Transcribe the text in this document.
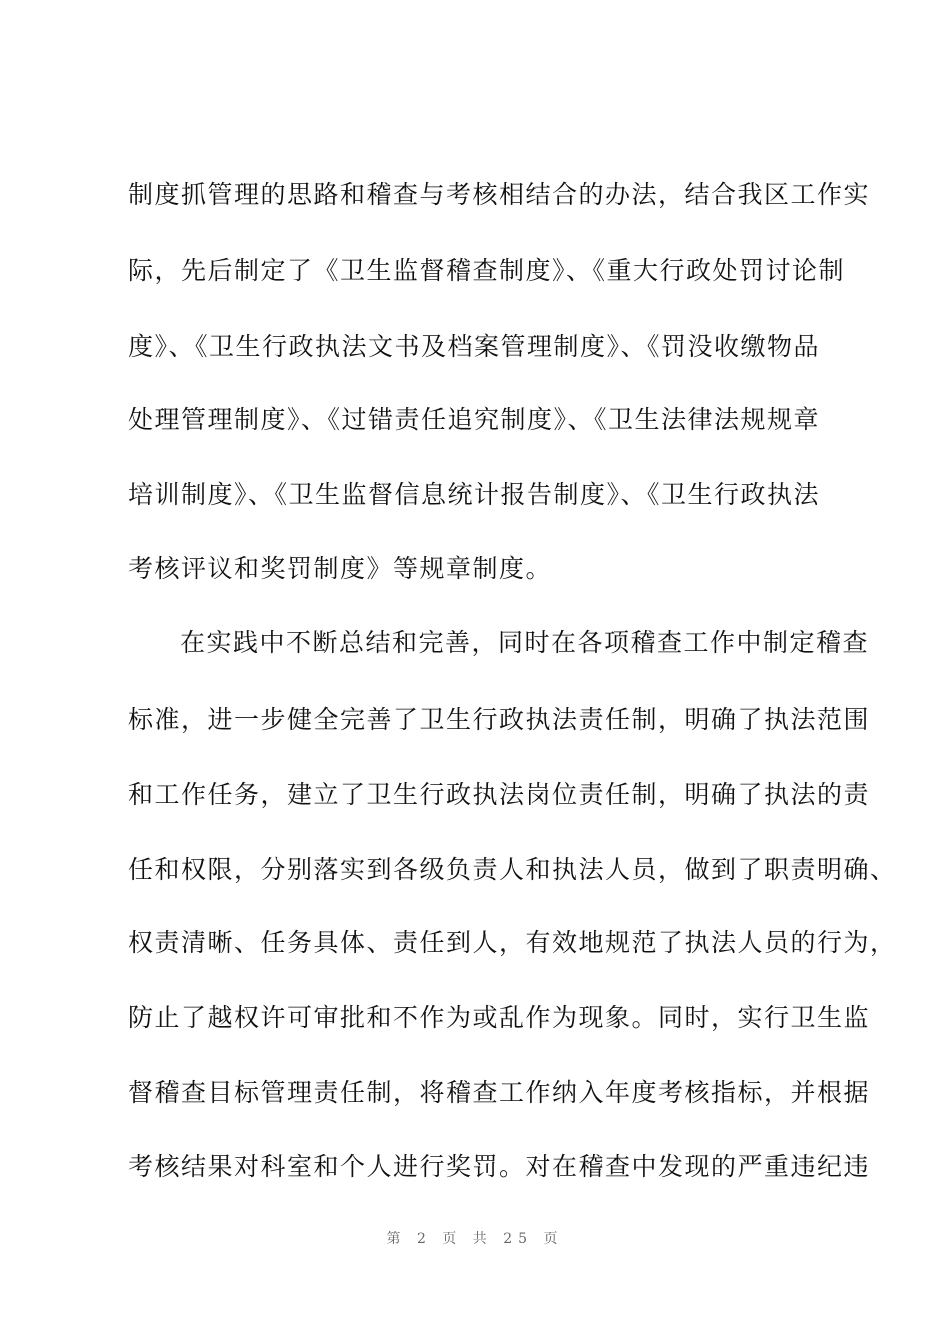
制度抓管理的思路和稽查与考核相结合的办法，结合我区工作实
际，先后制定了《卫生监督稽查制度》、《重大行政处罚讨论制
度》、《卫生行政执法文书及档案管理制度》、《罚没收缴物品
处理管理制度》、《过错责任追究制度》、《卫生法律法规规章
培训制度》、《卫生监督信息统计报告制度》、《卫生行政执法
考核评议和奖罚制度》等规章制度。
在实践中不断总结和完善，同时在各项稽查工作中制定稽查
标准，进一步健全完善了卫生行政执法责任制，明确了执法范围
和工作任务，建立了卫生行政执法岗位责任制，明确了执法的责
任和权限，分别落实到各级负责人和执法人员，做到了职责明确、
权责清晰、任务具体、责任到人，有效地规范了执法人员的行为，
防止了越权许可审批和不作为或乱作为现象。同时，实行卫生监
督稽查目标管理责任制，将稽查工作纳入年度考核指标，并根据
考核结果对科室和个人进行奖罚。对在稽查中发现的严重违纪违
第 2 页 共 25 页
